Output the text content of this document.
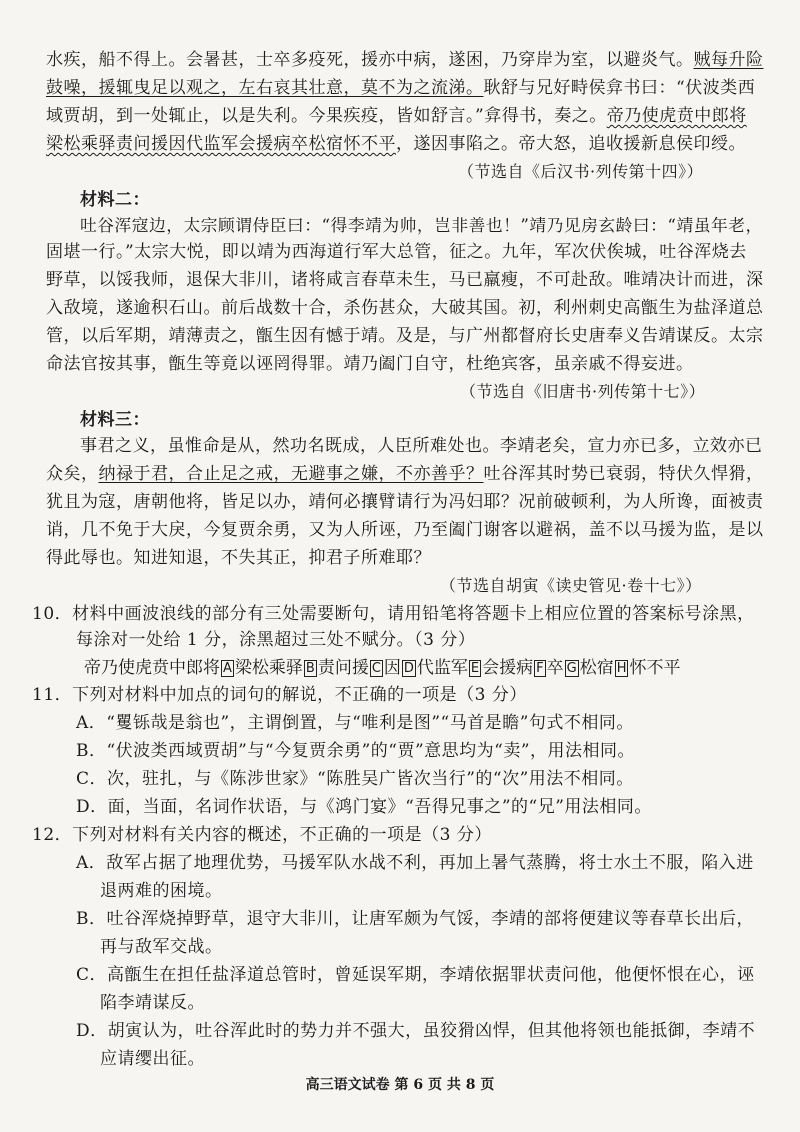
水疾，船不得上。会暑甚，士卒多疫死，援亦中病，遂困，乃穿岸为室，以避炎气。贼每升险
鼓噪，援辄曳足以观之，左右哀其壮意，莫不为之流涕。耿舒与兄好畤侯弇书曰：“伏波类西
域贾胡，到一处辄止，以是失利。今果疾疫，皆如舒言。”弇得书，奏之。帝乃使虎贲中郎将
梁松乘驿责问援因代监军会援病卒松宿怀不平，遂因事陷之。帝大怒，追收援新息侯印绶。
（节选自《后汉书·列传第十四》）
材料二：
吐谷浑寇边，太宗顾谓侍臣曰：“得李靖为帅，岂非善也！”靖乃见房玄龄曰：“靖虽年老，
固堪一行。”太宗大悦，即以靖为西海道行军大总管，征之。九年，军次伏俟城，吐谷浑烧去
野草，以馁我师，退保大非川，诸将咸言春草未生，马已羸瘦，不可赴敌。唯靖决计而进，深
入敌境，遂逾积石山。前后战数十合，杀伤甚众，大破其国。初，利州刺史高甑生为盐泽道总
管，以后军期，靖薄责之，甑生因有憾于靖。及是，与广州都督府长史唐奉义告靖谋反。太宗
命法官按其事，甑生等竟以诬罔得罪。靖乃阖门自守，杜绝宾客，虽亲戚不得妄进。
（节选自《旧唐书·列传第十七》）
材料三：
事君之义，虽惟命是从，然功名既成，人臣所难处也。李靖老矣，宣力亦已多，立效亦已
众矣，纳禄于君，合止足之戒，无避事之嫌，不亦善乎？吐谷浑其时势已衰弱，特伏久悍猾，
犹且为寇，唐朝他将，皆足以办，靖何必攘臂请行为冯妇耶？况前破顿利，为人所谗，面被责
诮，几不免于大戾，今复贾余勇，又为人所诬，乃至阖门谢客以避祸，盖不以马援为监，是以
得此辱也。知进知退，不失其正，抑君子所难耶？
（节选自胡寅《读史管见·卷十七》）
10．材料中画波浪线的部分有三处需要断句，请用铅笔将答题卡上相应位置的答案标号涂黑，
每涂对一处给 1 分，涂黑超过三处不赋分。（3 分）
帝乃使虎贲中郎将 A 梁松乘驿 B 责问援 C 因 D 代监军 E 会援病 F 卒 G 松宿 H 怀不平
11．下列对材料中加点的词句的解说，不正确的一项是（3 分）
A．“矍铄哉是翁也”，主谓倒置，与“唯利是图”“马首是瞻”句式不相同。
B．“伏波类西域贾胡”与“今复贾余勇”的“贾”意思均为“卖”，用法相同。
C．次，驻扎，与《陈涉世家》“陈胜吴广皆次当行”的“次”用法不相同。
D．面，当面，名词作状语，与《鸿门宴》“吾得兄事之”的“兄”用法相同。
12．下列对材料有关内容的概述，不正确的一项是（3 分）
A．敌军占据了地理优势，马援军队水战不利，再加上暑气蒸腾，将士水土不服，陷入进
退两难的困境。
B．吐谷浑烧掉野草，退守大非川，让唐军颇为气馁，李靖的部将便建议等春草长出后，
再与敌军交战。
C．高甑生在担任盐泽道总管时，曾延误军期，李靖依据罪状责问他，他便怀恨在心，诬
陷李靖谋反。
D．胡寅认为，吐谷浑此时的势力并不强大，虽狡猾凶悍，但其他将领也能抵御，李靖不
应请缨出征。
高三语文试卷 第 6 页 共 8 页
